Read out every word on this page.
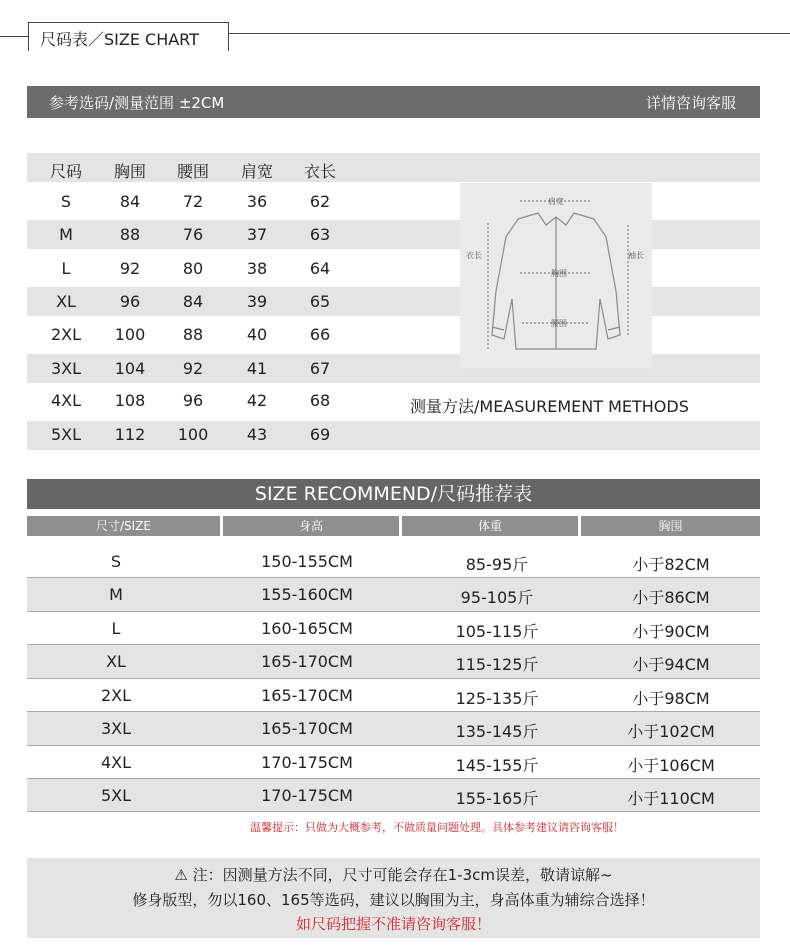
尺码表／SIZE CHART
参考选码/测量范围 ±2CM	详情咨询客服
尺码	胸围	腰围	肩宽	衣长
S	84	72	36	62
M	88	76	37	63
L	92	80	38	64
XL	96	84	39	65
2XL	100	88	40	66
3XL	104	92	41	67
4XL	108	96	42	68
5XL	112	100	43	69
肩宽
衣长	袖长
胸围
腰围
测量方法/MEASUREMENT METHODS
SIZE RECOMMEND/尺码推荐表
尺寸/SIZE	身高	体重	胸围
S	150-155CM	85-95斤	小于82CM
M	155-160CM	95-105斤	小于86CM
L	160-165CM	105-115斤	小于90CM
XL	165-170CM	115-125斤	小于94CM
2XL	165-170CM	125-135斤	小于98CM
3XL	165-170CM	135-145斤	小于102CM
4XL	170-175CM	145-155斤	小于106CM
5XL	170-175CM	155-165斤	小于110CM
温馨提示：只做为大概参考，不做质量问题处理。具体参考建议请咨询客服！
⚠ 注：因测量方法不同，尺寸可能会存在1-3cm误差，敬请谅解~
修身版型，勿以160、165等选码，建议以胸围为主，身高体重为辅综合选择！
如尺码把握不准请咨询客服！
